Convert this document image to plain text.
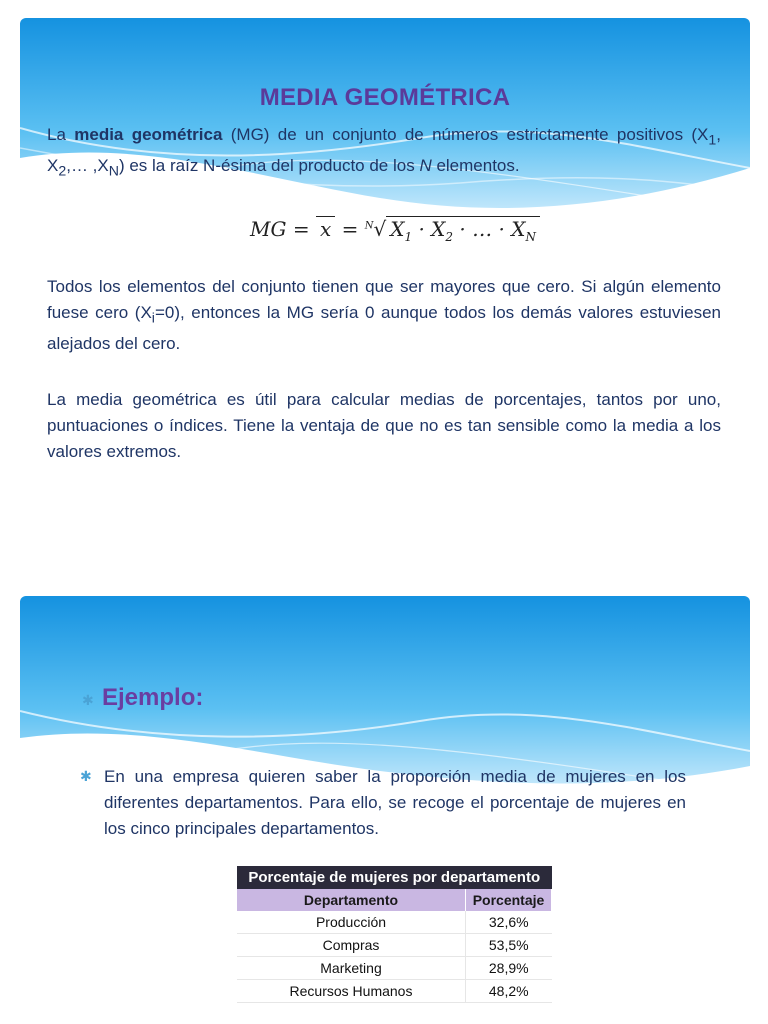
MEDIA GEOMÉTRICA
La media geométrica (MG) de un conjunto de números estrictamente positivos ($X_1$, $X_2,\dots$ $,X_N$) es la raíz N-ésima del producto de los N elementos.
MG = x = $^N$√ $X_1 \cdot X_2$ · … · $X_N$
Todos los elementos del conjunto tienen que ser mayores que cero. Si algún elemento fuese cero $(X_i=0)$, entonces la MG sería 0 aunque todos los demás valores estuviesen alejados del cero.
La media geométrica es útil para calcular medias de porcentajes, tantos por uno, puntuaciones o índices. Tiene la ventaja de que no es tan sensible como la media a los valores extremos.
✱ Ejemplo:
✱ En una empresa quieren saber la proporción media de mujeres en los diferentes departamentos. Para ello, se recoge el porcentaje de mujeres en los cinco principales departamentos.
Porcentaje de mujeres por departamento	
Departamento	Porcentaje
Producción	32,6%
Compras	53,5%
Marketing	28,9%
Recursos Humanos	48,2%
